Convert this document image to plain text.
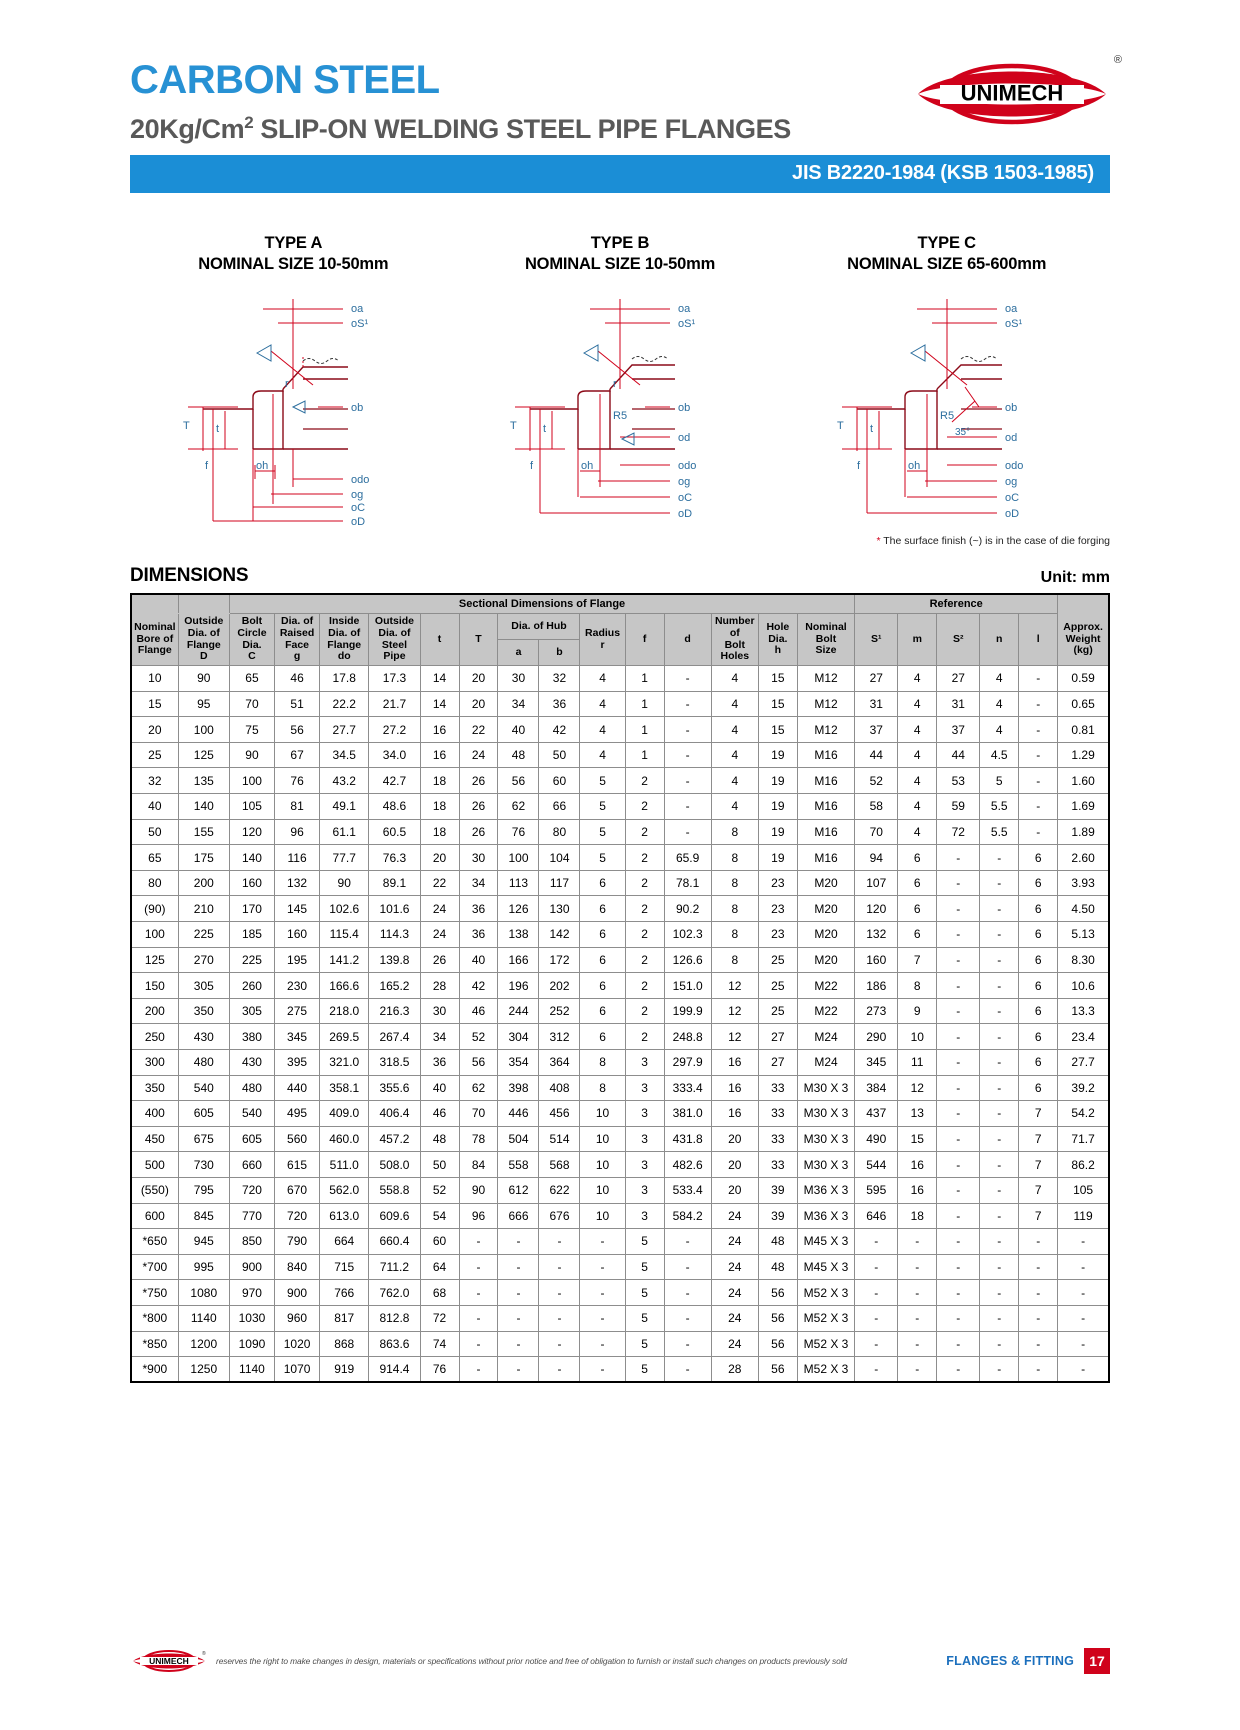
CARBON STEEL
20Kg/Cm$^2$ SLIP-ON WELDING STEEL PIPE FLANGES
JIS B2220-1984 (KSB 1503-1985)
UNIMECH
®
TYPE A
NOMINAL SIZE 10-50mm
oa
oS¹
ob
odo
og
oC
oD
T t
f	oh
r
TYPE B
NOMINAL SIZE 10-50mm
oa
oS¹
ob
od
odo
og
oC
oD
T t
f	oh
r
R5
TYPE C
NOMINAL SIZE 65-600mm
oa
oS¹
ob
od
odo
og
oC
oD
T t
f	oh
R5
35°
* The surface finish (~) is in the case of die forging
DIMENSIONS	Unit: mm
		Sectional Dimensions of Flange														Reference					
Nominal
Bore of
Flange	Outside
Dia. of
Flange
D	Bolt
Circle
Dia.
C	Dia. of
Raised
Face
g	Inside
Dia. of
Flange
do	Outside
Dia. of
Steel
Pipe	t	T	Dia. of Hub		Radius
r	f	d	Number
of
Bolt
Holes	Hole
Dia.
h	Nominal
Bolt
Size	S¹	m	S²	n	l	Approx.
Weight
(kg)
								a	b												
10	90	65	46	17.8	17.3	14	20	30	32	4	1	-	4	15	M12	27	4	27	4	-	0.59
15	95	70	51	22.2	21.7	14	20	34	36	4	1	-	4	15	M12	31	4	31	4	-	0.65
20	100	75	56	27.7	27.2	16	22	40	42	4	1	-	4	15	M12	37	4	37	4	-	0.81
25	125	90	67	34.5	34.0	16	24	48	50	4	1	-	4	19	M16	44	4	44	4.5	-	1.29
32	135	100	76	43.2	42.7	18	26	56	60	5	2	-	4	19	M16	52	4	53	5	-	1.60
40	140	105	81	49.1	48.6	18	26	62	66	5	2	-	4	19	M16	58	4	59	5.5	-	1.69
50	155	120	96	61.1	60.5	18	26	76	80	5	2	-	8	19	M16	70	4	72	5.5	-	1.89
65	175	140	116	77.7	76.3	20	30	100	104	5	2	65.9	8	19	M16	94	6	-	-	6	2.60
80	200	160	132	90	89.1	22	34	113	117	6	2	78.1	8	23	M20	107	6	-	-	6	3.93
(90)	210	170	145	102.6	101.6	24	36	126	130	6	2	90.2	8	23	M20	120	6	-	-	6	4.50
100	225	185	160	115.4	114.3	24	36	138	142	6	2	102.3	8	23	M20	132	6	-	-	6	5.13
125	270	225	195	141.2	139.8	26	40	166	172	6	2	126.6	8	25	M20	160	7	-	-	6	8.30
150	305	260	230	166.6	165.2	28	42	196	202	6	2	151.0	12	25	M22	186	8	-	-	6	10.6
200	350	305	275	218.0	216.3	30	46	244	252	6	2	199.9	12	25	M22	273	9	-	-	6	13.3
250	430	380	345	269.5	267.4	34	52	304	312	6	2	248.8	12	27	M24	290	10	-	-	6	23.4
300	480	430	395	321.0	318.5	36	56	354	364	8	3	297.9	16	27	M24	345	11	-	-	6	27.7
350	540	480	440	358.1	355.6	40	62	398	408	8	3	333.4	16	33	M30 X 3	384	12	-	-	6	39.2
400	605	540	495	409.0	406.4	46	70	446	456	10	3	381.0	16	33	M30 X 3	437	13	-	-	7	54.2
450	675	605	560	460.0	457.2	48	78	504	514	10	3	431.8	20	33	M30 X 3	490	15	-	-	7	71.7
500	730	660	615	511.0	508.0	50	84	558	568	10	3	482.6	20	33	M30 X 3	544	16	-	-	7	86.2
(550)	795	720	670	562.0	558.8	52	90	612	622	10	3	533.4	20	39	M36 X 3	595	16	-	-	7	105
600	845	770	720	613.0	609.6	54	96	666	676	10	3	584.2	24	39	M36 X 3	646	18	-	-	7	119
*650	945	850	790	664	660.4	60	-	-	-	-	5	-	24	48	M45 X 3	-	-	-	-	-	-
*700	995	900	840	715	711.2	64	-	-	-	-	5	-	24	48	M45 X 3	-	-	-	-	-	-
*750	1080	970	900	766	762.0	68	-	-	-	-	5	-	24	56	M52 X 3	-	-	-	-	-	-
*800	1140	1030	960	817	812.8	72	-	-	-	-	5	-	24	56	M52 X 3	-	-	-	-	-	-
*850	1200	1090	1020	868	863.6	74	-	-	-	-	5	-	24	56	M52 X 3	-	-	-	-	-	-
*900	1250	1140	1070	919	914.4	76	-	-	-	-	5	-	28	56	M52 X 3	-	-	-	-	-	-
UNIMECH
®
reserves the right to make changes in design, materials or specifications without prior notice and free of obligation to furnish or install such changes on products previously sold	FLANGES & FITTING	17
